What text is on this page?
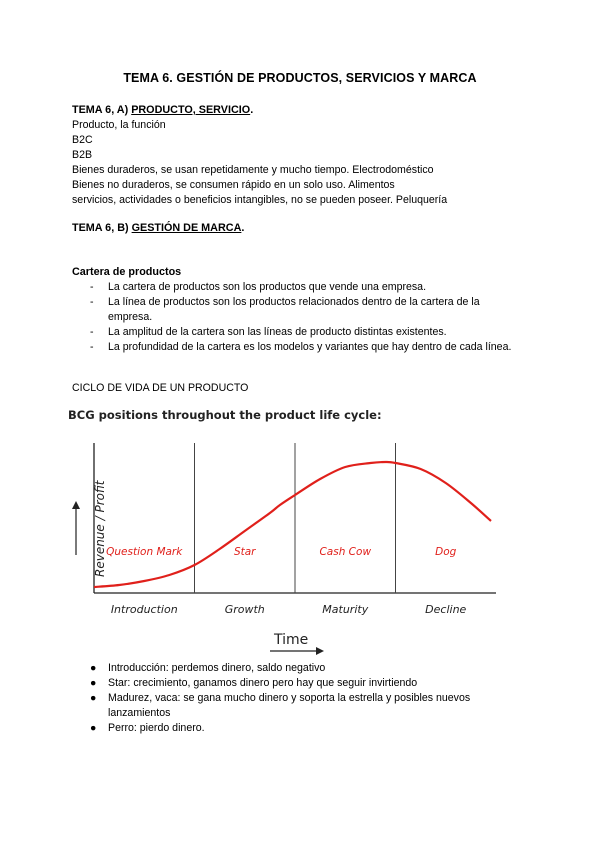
TEMA 6. GESTIÓN DE PRODUCTOS, SERVICIOS Y MARCA
TEMA 6, A) PRODUCTO, SERVICIO.
Producto, la función
B2C
B2B
Bienes duraderos, se usan repetidamente y mucho tiempo. Electrodoméstico
Bienes no duraderos, se consumen rápido en un solo uso. Alimentos
servicios, actividades o beneficios intangibles, no se pueden poseer. Peluquería
TEMA 6, B) GESTIÓN DE MARCA.
Cartera de productos
- La cartera de productos son los productos que vende una empresa.
- La línea de productos son los productos relacionados dentro de la cartera de la empresa.
- La amplitud de la cartera son las líneas de producto distintas existentes.
- La profundidad de la cartera es los modelos y variantes que hay dentro de cada línea.
CICLO DE VIDA DE UN PRODUCTO
BCG positions throughout the product life cycle:
Question Mark	Star	Cash Cow	Dog
Introduction	Growth	Maturity	Decline
Revenue / Profit
Time
● Introducción: perdemos dinero, saldo negativo
● Star: crecimiento, ganamos dinero pero hay que seguir invirtiendo
● Madurez, vaca: se gana mucho dinero y soporta la estrella y posibles nuevos lanzamientos
● Perro: pierdo dinero.
